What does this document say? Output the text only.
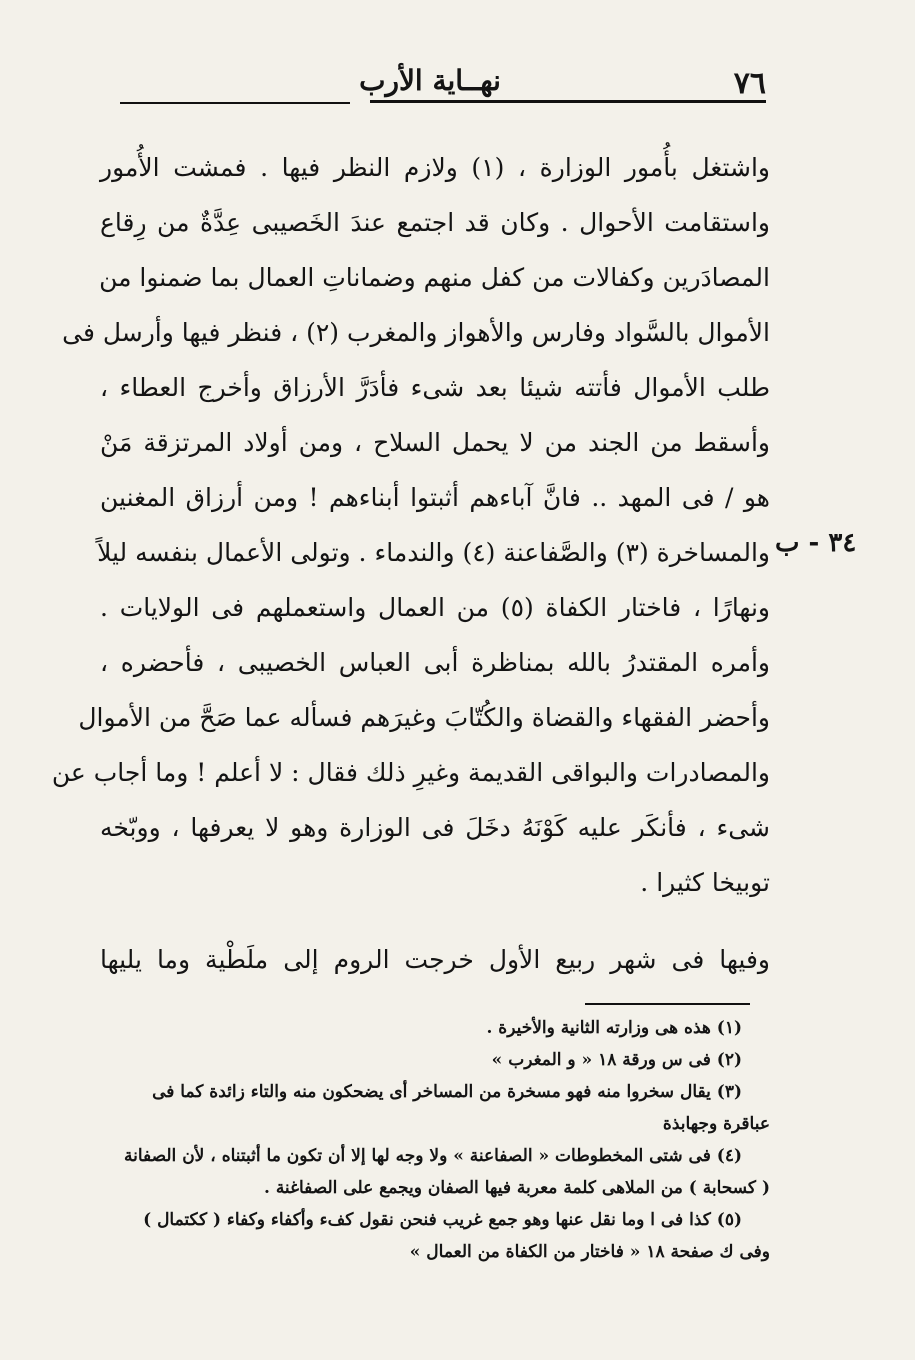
٧٦
نهــاية الأرب
٣٤ - ب
واشتغل بأُمور الوزارة ، (١) ولازم النظر فيها . فمشت الأُمور
واستقامت الأحوال . وكان قد اجتمع عندَ الخَصيبى عِدَّةٌ من رِقاع
المصادَرين وكفالات من كفل منهم وضماناتِ العمال بما ضمنوا من
الأموال بالسَّواد وفارس والأهواز والمغرب (٢) ، فنظر فيها وأرسل فى
طلب الأموال فأتته شيئا بعد شىء فأدَرَّ الأرزاق وأخرج العطاء ،
وأسقط من الجند من لا يحمل السلاح ، ومن أولاد المرتزقة مَنْ
هو / فى المهد .. فانَّ آباءهم أثبتوا أبناءهم ! ومن أرزاق المغنين
والمساخرة (٣) والصَّفاعنة (٤) والندماء . وتولى الأعمال بنفسه ليلاً
ونهارًا ، فاختار الكفاة (٥) من العمال واستعملهم فى الولايات .
وأمره المقتدرُ بالله بمناظرة أبى العباس الخصيبى ، فأحضره ،
وأحضر الفقهاء والقضاة والكُتّابَ وغيرَهم فسأله عما صَحَّ من الأموال
والمصادرات والبواقى القديمة وغيرِ ذلك فقال : لا أعلم ! وما أجاب عن
شىء ، فأنكَر عليه كَوْنَهُ دخَلَ فى الوزارة وهو لا يعرفها ، ووبّخه
توبيخا كثيرا .
وفيها فى شهر ربيع الأول خرجت الروم إلى ملَطْية وما يليها
(١) هذه هى وزارته الثانية والأخيرة .
(٢) فى س ورقة ١٨ « و المغرب »
(٣) يقال سخروا منه فهو مسخرة من المساخر أى يضحكون منه والتاء زائدة كما فى
عباقرة وجهابذة
(٤) فى شتى المخطوطات « الصفاعنة » ولا وجه لها إلا أن تكون ما أثبتناه ، لأن الصفانة
( كسحابة ) من الملاهى كلمة معربة فيها الصفان ويجمع على الصفاغنة .
(٥) كذا فى ا وما نقل عنها وهو جمع غريب فنحن نقول كفء وأكفاء وكفاء ( ككتمال )
وفى ك صفحة ١٨ « فاختار من الكفاة من العمال »
